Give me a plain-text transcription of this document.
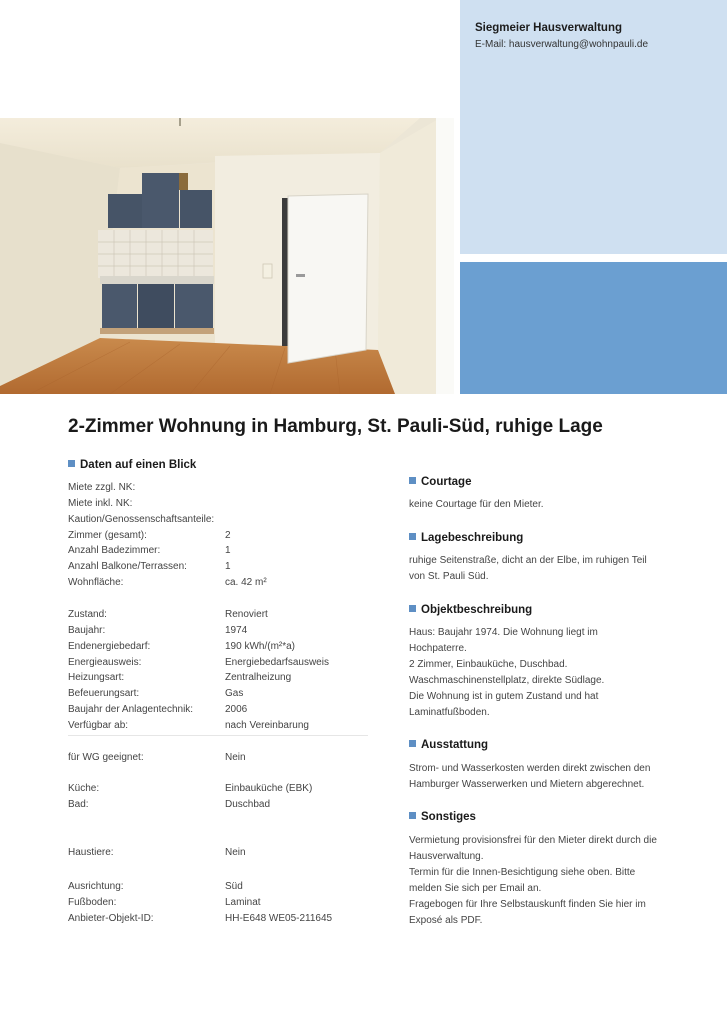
Siegmeier Hausverwaltung
E-Mail: hausverwaltung@wohnpauli.de
2-Zimmer Wohnung in Hamburg, St. Pauli-Süd, ruhige Lage
Daten auf einen Blick
Miete zzgl. NK:
Miete inkl. NK:
Kaution/Genossenschaftsanteile:
Zimmer (gesamt):	2
Anzahl Badezimmer:	1
Anzahl Balkone/Terrassen:	1
Wohnfläche:	ca. 42 m²
Zustand:	Renoviert
Baujahr:	1974
Endenergiebedarf:	190 kWh/(m²*a)
Energieausweis:	Energiebedarfsausweis
Heizungsart:	Zentralheizung
Befeuerungsart:	Gas
Baujahr der Anlagentechnik:	2006
Verfügbar ab:	nach Vereinbarung
für WG geeignet:	Nein
Küche:	Einbauküche (EBK)
Bad:	Duschbad
Haustiere:	Nein
Ausrichtung:	Süd
Fußboden:	Laminat
Anbieter-Objekt-ID:	HH-E648 WE05-211645
Courtage
keine Courtage für den Mieter.
Lagebeschreibung
ruhige Seitenstraße, dicht an der Elbe, im ruhigen Teil
von St. Pauli Süd.
Objektbeschreibung
Haus: Baujahr 1974. Die Wohnung liegt im
Hochpaterre.
2 Zimmer, Einbauküche, Duschbad.
Waschmaschinenstellplatz, direkte Südlage.
Die Wohnung ist in gutem Zustand und hat
Laminatfußboden.
Ausstattung
Strom- und Wasserkosten werden direkt zwischen den
Hamburger Wasserwerken und Mietern abgerechnet.
Sonstiges
Vermietung provisionsfrei für den Mieter direkt durch die
Hausverwaltung.
Termin für die Innen-Besichtigung siehe oben. Bitte
melden Sie sich per Email an.
Fragebogen für Ihre Selbstauskunft finden Sie hier im
Exposé als PDF.
